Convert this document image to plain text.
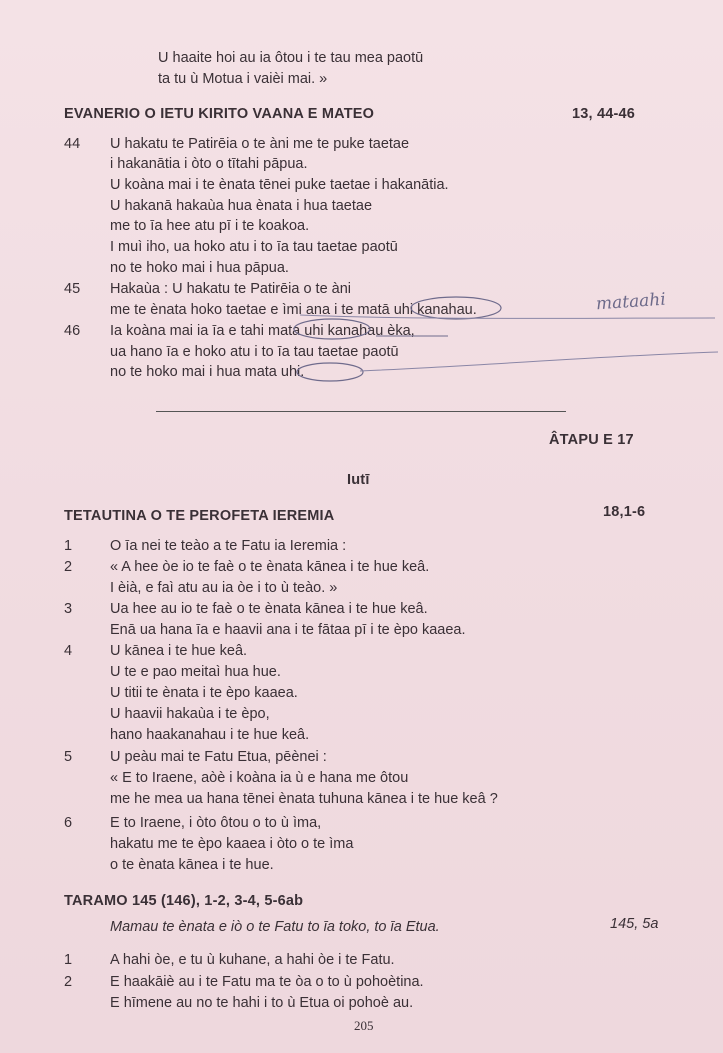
U haaite hoi au ia ôtou i te tau mea paotū
ta tu ù Motua i vaièi mai. »
EVANERIO O IETU KIRITO VAANA E MATEO	13, 44-46
44 U hakatu te Patirēia o te àni me te puke taetae
i hakanātia i òto o tītahi pāpua.
U koàna mai i te ènata tēnei puke taetae i hakanātia.
U hakanā hakaùa hua ènata i hua taetae
me to īa hee atu pī i te koakoa.
I muì iho, ua hoko atu i to īa tau taetae paotū
no te hoko mai i hua pāpua.
45 Hakaùa : U hakatu te Patirēia o te àni
me te ènata hoko taetae e ìmi ana i te matā uhi kanahau.
46 Ia koàna mai ia īa e tahi mata uhi kanahau èka,
ua hano īa e hoko atu i to īa tau taetae paotū
no te hoko mai i hua mata uhi.
mataahi
ÂTAPU E 17
Iutī
TETAUTINA O TE PEROFETA IEREMIA	18,1-6
1	O īa nei te teào a te Fatu ia Ieremia :
2	« A hee òe io te faè o te ènata kānea i te hue keâ.
I èià, e faì atu au ia òe i to ù teào. »
3	Ua hee au io te faè o te ènata kānea i te hue keâ.
Enā ua hana īa e haavii ana i te fātaa pī i te èpo kaaea.
4	U kānea i te hue keâ.
U te e pao meitaì hua hue.
U titii te ènata i te èpo kaaea.
U haavii hakaùa i te èpo,
hano haakanahau i te hue keâ.
5	U peàu mai te Fatu Etua, pēènei :
« E to Iraene, aòè i koàna ia ù e hana me ôtou
me he mea ua hana tēnei ènata tuhuna kānea i te hue keâ ?
6	E to Iraene, i òto ôtou o to ù ìma,
hakatu me te èpo kaaea i òto o te ìma
o te ènata kānea i te hue.
TARAMO 145 (146), 1-2, 3-4, 5-6ab
Mamau te ènata e iò o te Fatu to īa toko, to īa Etua.	145, 5a
1	A hahi òe, e tu ù kuhane, a hahi òe i te Fatu.
2	E haakāiè au i te Fatu ma te òa o to ù pohoètina.
E hīmene au no te hahi i to ù Etua oi pohoè au.
205
